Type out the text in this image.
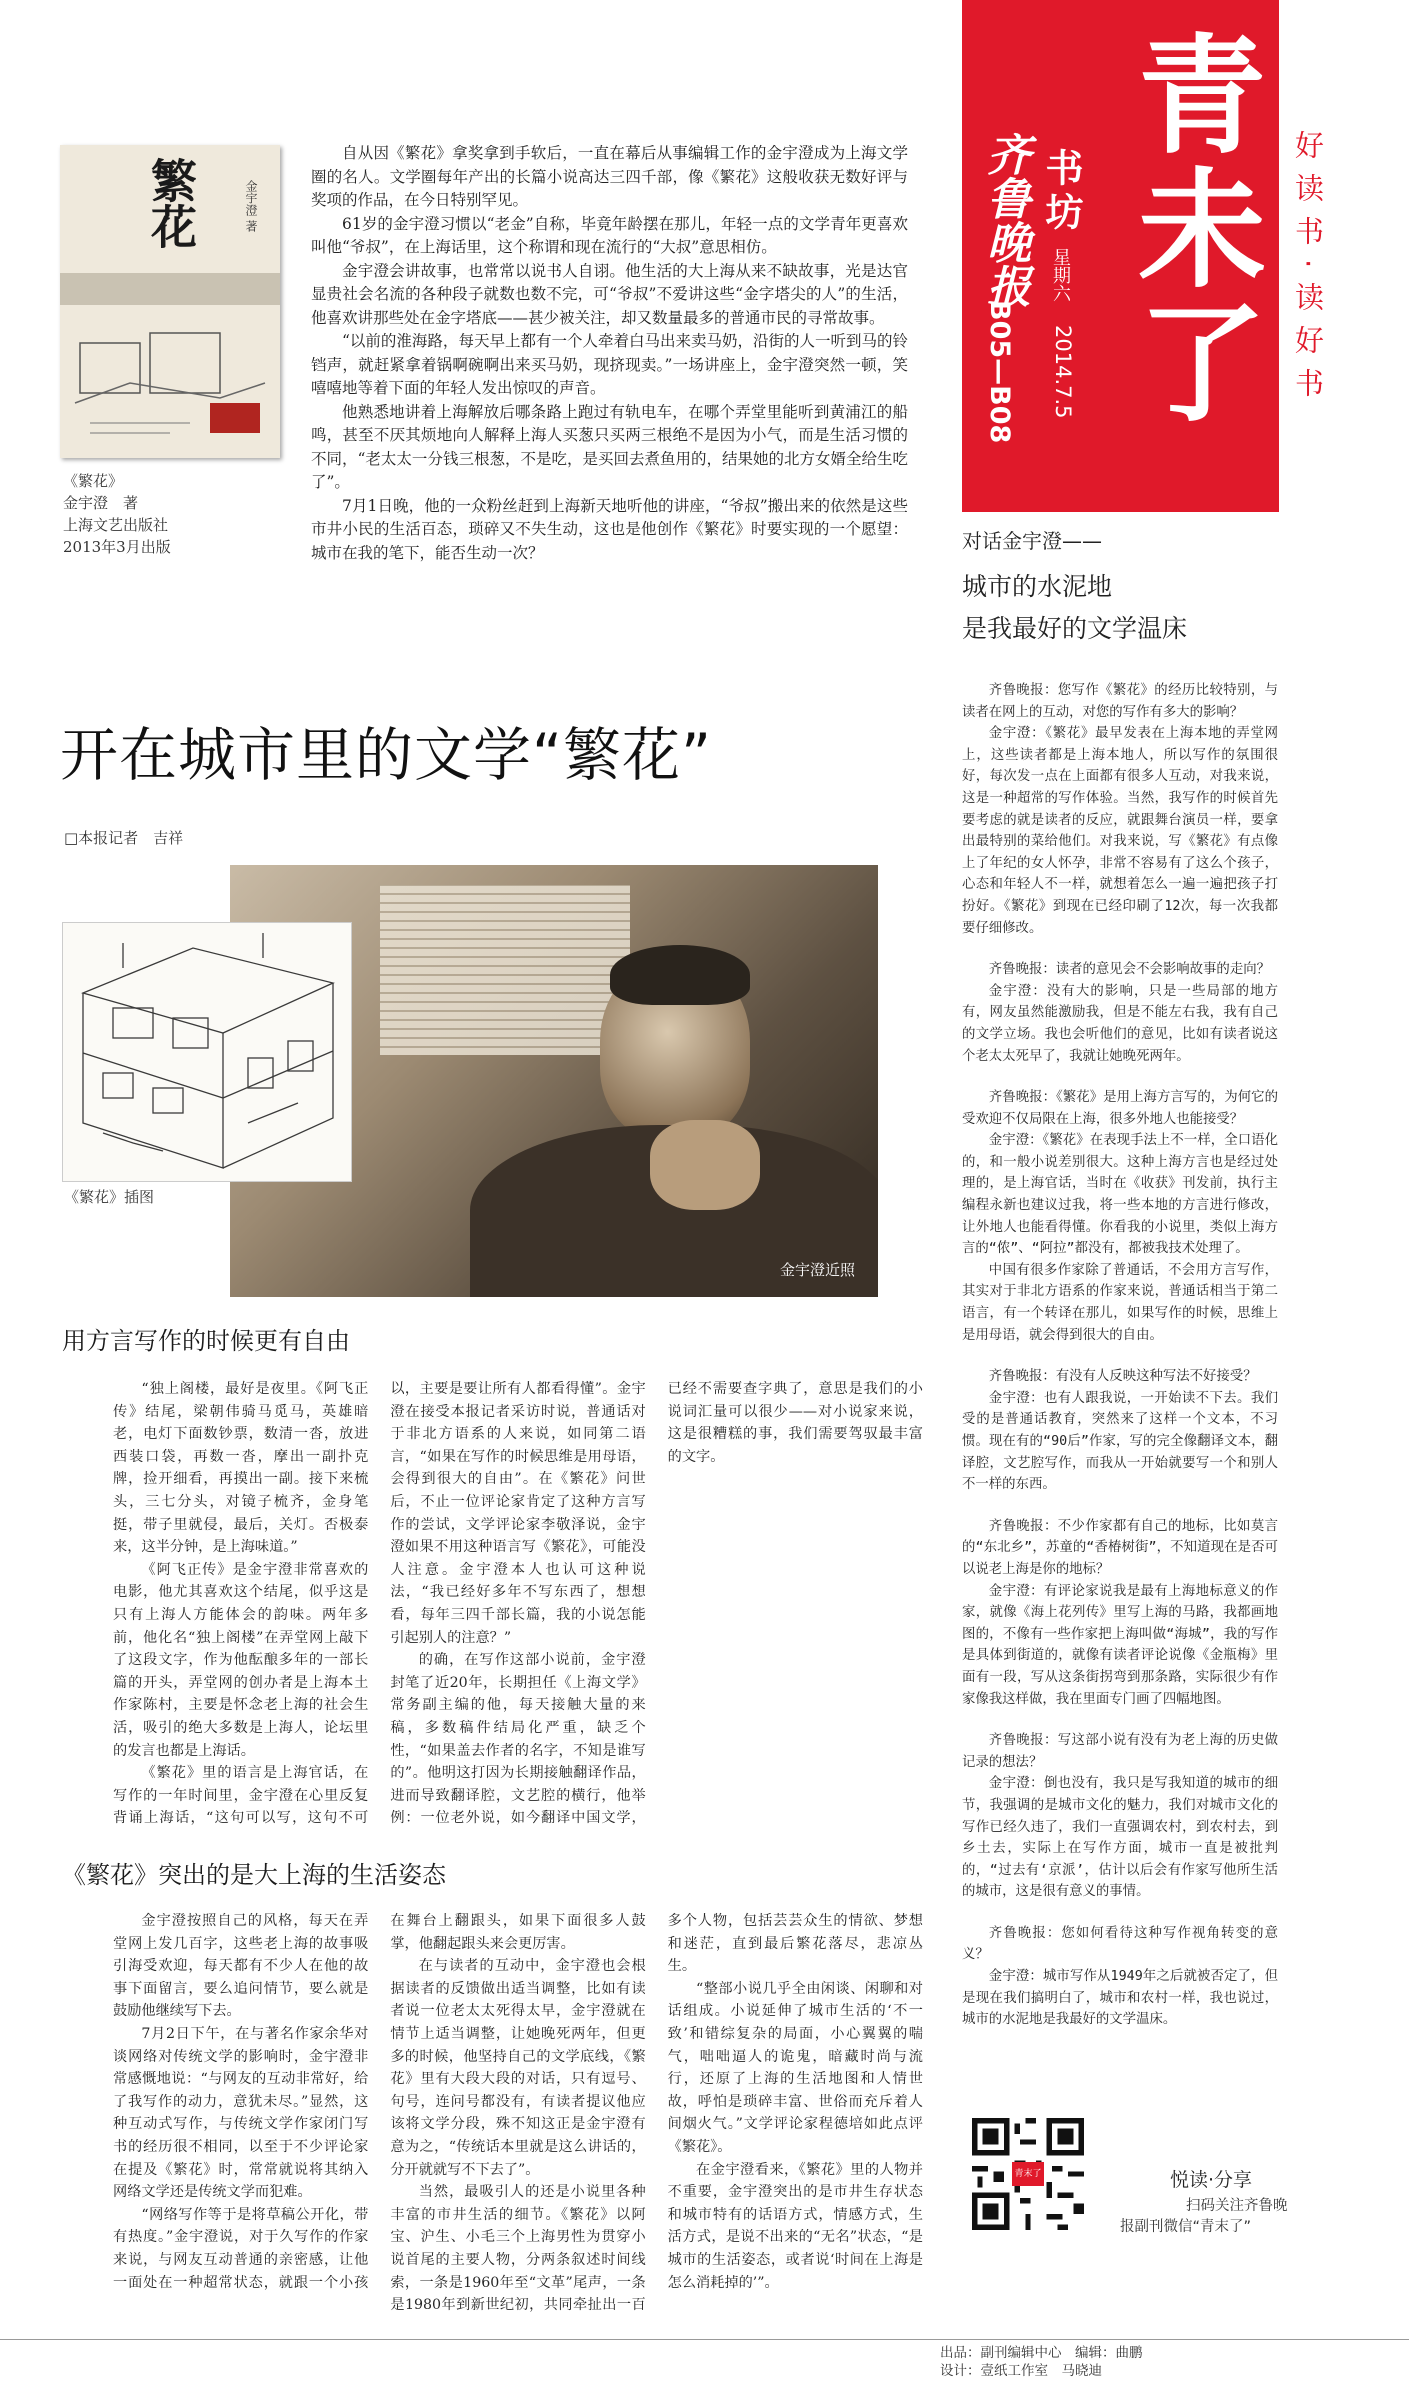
青未了
齐鲁晚报 书坊
星期六
2014.7.5
B05—B08	好读书·读好书
繁花	金宇澄 著
《繁花》
金宇澄　著
上海文艺出版社
2013年3月出版

自从因《繁花》拿奖拿到手软后，一直在幕后从事编辑工作的金宇澄成为上海文学圈的名人。文学圈每年产出的长篇小说高达三四千部，像《繁花》这般收获无数好评与奖项的作品，在今日特别罕见。

61岁的金宇澄习惯以“老金”自称，毕竟年龄摆在那儿，年轻一点的文学青年更喜欢叫他“爷叔”，在上海话里，这个称谓和现在流行的“大叔”意思相仿。

金宇澄会讲故事，也常常以说书人自诩。他生活的大上海从来不缺故事，光是达官显贵社会名流的各种段子就数也数不完，可“爷叔”不爱讲这些“金字塔尖的人”的生活，他喜欢讲那些处在金字塔底——甚少被关注，却又数量最多的普通市民的寻常故事。

“以前的淮海路，每天早上都有一个人牵着白马出来卖马奶，沿街的人一听到马的铃铛声，就赶紧拿着锅啊碗啊出来买马奶，现挤现卖。”一场讲座上，金宇澄突然一顿，笑嘻嘻地等着下面的年轻人发出惊叹的声音。

他熟悉地讲着上海解放后哪条路上跑过有轨电车，在哪个弄堂里能听到黄浦江的船鸣，甚至不厌其烦地向人解释上海人买葱只买两三根绝不是因为小气，而是生活习惯的不同，“老太太一分钱三根葱，不是吃，是买回去煮鱼用的，结果她的北方女婿全给生吃了”。

7月1日晚，他的一众粉丝赶到上海新天地听他的讲座，“爷叔”搬出来的依然是这些市井小民的生活百态，琐碎又不失生动，这也是他创作《繁花》时要实现的一个愿望：城市在我的笔下，能否生动一次？

开在城市里的文学“繁花”
□本报记者　吉祥
金宇澄近照
《繁花》插图
用方言写作的时候更有自由

“独上阁楼，最好是夜里。《阿飞正传》结尾，梁朝伟骑马觅马，英雄暗老，电灯下面数钞票，数清一沓，放进西装口袋，再数一沓，摩出一副扑克牌，捡开细看，再摸出一副。接下来梳头，三七分头，对镜子梳齐，金身笔挺，带子里就侵，最后，关灯。否极泰来，这半分钟，是上海味道。”

《阿飞正传》是金宇澄非常喜欢的电影，他尤其喜欢这个结尾，似乎这是只有上海人方能体会的韵味。两年多前，他化名“独上阁楼”在弄堂网上敲下了这段文字，作为他酝酿多年的一部长篇的开头，弄堂网的创办者是上海本土作家陈村，主要是怀念老上海的社会生活，吸引的绝大多数是上海人，论坛里的发言也都是上海话。

《繁花》里的语言是上海官话，在写作的一年时间里，金宇澄在心里反复背诵上海话，“这句可以写，这句不可以，主要是要让所有人都看得懂”。金宇澄在接受本报记者采访时说，普通话对于非北方语系的人来说，如同第二语言，“如果在写作的时候思维是用母语，会得到很大的自由”。在《繁花》问世后，不止一位评论家肯定了这种方言写作的尝试，文学评论家李敬泽说，金宇澄如果不用这种语言写《繁花》，可能没人注意。金宇澄本人也认可这种说法，“我已经好多年不写东西了，想想看，每年三四千部长篇，我的小说怎能引起别人的注意？”

的确，在写作这部小说前，金宇澄封笔了近20年，长期担任《上海文学》常务副主编的他，每天接触大量的来稿，多数稿件结局化严重，缺乏个性，“如果盖去作者的名字，不知是谁写的”。他明这打因为长期接触翻译作品，进而导致翻译腔，文艺腔的横行，他举例：一位老外说，如今翻译中国文学，已经不需要查字典了，意思是我们的小说词汇量可以很少——对小说家来说，这是很糟糕的事，我们需要驾驭最丰富的文字。

《繁花》突出的是大上海的生活姿态

金宇澄按照自己的风格，每天在弄堂网上发几百字，这些老上海的故事吸引海受欢迎，每天都有不少人在他的故事下面留言，要么追问情节，要么就是鼓励他继续写下去。

7月2日下午，在与著名作家余华对谈网络对传统文学的影响时，金宇澄非常感慨地说：“与网友的互动非常好，给了我写作的动力，意犹未尽。”显然，这种互动式写作，与传统文学作家闭门写书的经历很不相同，以至于不少评论家在提及《繁花》时，常常就说将其纳入网络文学还是传统文学而犯难。

“网络写作等于是将草稿公开化，带有热度。”金宇澄说，对于久写作的作家来说，与网友互动普通的亲密感，让他一面处在一种超常状态，就跟一个小孩在舞台上翻跟头，如果下面很多人鼓掌，他翻起跟头来会更厉害。

在与读者的互动中，金宇澄也会根据读者的反馈做出适当调整，比如有读者说一位老太太死得太早，金宇澄就在情节上适当调整，让她晚死两年，但更多的时候，他坚持自己的文学底线，《繁花》里有大段大段的对话，只有逗号、句号，连问号都没有，有读者提议他应该将文学分段，殊不知这正是金宇澄有意为之，“传统话本里就是这么讲话的，分开就就写不下去了”。

当然，最吸引人的还是小说里各种丰富的市井生活的细节。《繁花》以阿宝、沪生、小毛三个上海男性为贯穿小说首尾的主要人物，分两条叙述时间线索，一条是1960年至“文革”尾声，一条是1980年到新世纪初，共同牵扯出一百多个人物，包括芸芸众生的情欲、梦想和迷茫，直到最后繁花落尽，悲凉丛生。

“整部小说几乎全由闲谈、闲聊和对话组成。小说延伸了城市生活的‘不一致’和错综复杂的局面，小心翼翼的喘气，咄咄逼人的诡鬼，暗藏时尚与流行，还原了上海的生活地图和人情世故，呼怕是琐碎丰富、世俗而充斥着人间烟火气。”文学评论家程德培如此点评《繁花》。

在金宇澄看来，《繁花》里的人物并不重要，金宇澄突出的是市井生存状态和城市特有的话语方式，情感方式，生活方式，是说不出来的“无名”状态，“是城市的生活姿态，或者说‘时间在上海是怎么消耗掉的’”。

对话金宇澄——
城市的水泥地
是我最好的文学温床

齐鲁晚报：您写作《繁花》的经历比较特别，与读者在网上的互动，对您的写作有多大的影响？

金宇澄：《繁花》最早发表在上海本地的弄堂网上，这些读者都是上海本地人，所以写作的氛围很好，每次发一点在上面都有很多人互动，对我来说，这是一种超常的写作体验。当然，我写作的时候首先要考虑的就是读者的反应，就跟舞台演员一样，要拿出最特别的菜给他们。对我来说，写《繁花》有点像上了年纪的女人怀孕，非常不容易有了这么个孩子，心态和年轻人不一样，就想着怎么一遍一遍把孩子打扮好。《繁花》到现在已经印刷了12次，每一次我都要仔细修改。

齐鲁晚报：读者的意见会不会影响故事的走向？

金宇澄：没有大的影响，只是一些局部的地方有，网友虽然能激励我，但是不能左右我，我有自己的文学立场。我也会听他们的意见，比如有读者说这个老太太死早了，我就让她晚死两年。

齐鲁晚报：《繁花》是用上海方言写的，为何它的受欢迎不仅局限在上海，很多外地人也能接受？

金宇澄：《繁花》在表现手法上不一样，全口语化的，和一般小说差别很大。这种上海方言也是经过处理的，是上海官话，当时在《收获》刊发前，执行主编程永新也建议过我，将一些本地的方言进行修改，让外地人也能看得懂。你看我的小说里，类似上海方言的“侬”、“阿拉”都没有，都被我技术处理了。

中国有很多作家除了普通话，不会用方言写作，其实对于非北方语系的作家来说，普通话相当于第二语言，有一个转译在那儿，如果写作的时候，思维上是用母语，就会得到很大的自由。

齐鲁晚报：有没有人反映这种写法不好接受？

金宇澄：也有人跟我说，一开始读不下去。我们受的是普通话教育，突然来了这样一个文本，不习惯。现在有的“90后”作家，写的完全像翻译文本，翻译腔，文艺腔写作，而我从一开始就要写一个和别人不一样的东西。

齐鲁晚报：不少作家都有自己的地标，比如莫言的“东北乡”，苏童的“香椿树街”，不知道现在是否可以说老上海是你的地标？

金宇澄：有评论家说我是最有上海地标意义的作家，就像《海上花列传》里写上海的马路，我都画地图的，不像有一些作家把上海叫做“海城”，我的写作是具体到街道的，就像有读者评论说像《金瓶梅》里面有一段，写从这条街拐弯到那条路，实际很少有作家像我这样做，我在里面专门画了四幅地图。

齐鲁晚报：写这部小说有没有为老上海的历史做记录的想法？

金宇澄：倒也没有，我只是写我知道的城市的细节，我强调的是城市文化的魅力，我们对城市文化的写作已经久违了，我们一直强调农村，到农村去，到乡土去，实际上在写作方面，城市一直是被批判的，“过去有‘京派’，估计以后会有作家写他所生活的城市，这是很有意义的事情。

齐鲁晚报：您如何看待这种写作视角转变的意义？

金宇澄：城市写作从1949年之后就被否定了，但是现在我们搞明白了，城市和农村一样，我也说过，城市的水泥地是我最好的文学温床。

青末了	悦读·分享
扫码关注齐鲁晚
报副刊微信“青末了”
出品：副刊编辑中心　编辑：曲鹏
设计：壹纸工作室　马晓迪
